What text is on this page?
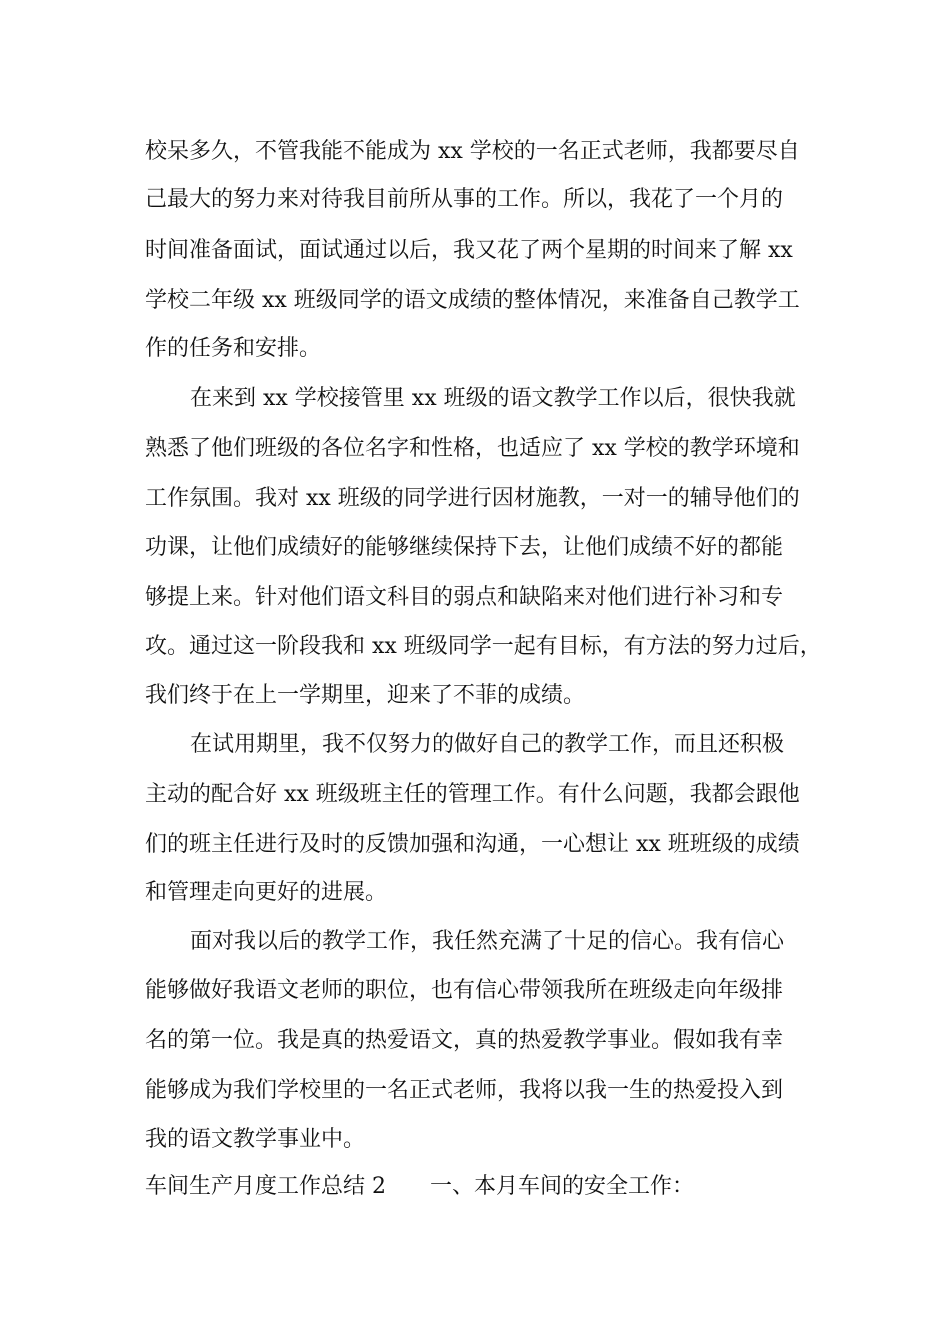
校呆多久，不管我能不能成为 xx 学校的一名正式老师，我都要尽自
己最大的努力来对待我目前所从事的工作。所以，我花了一个月的
时间准备面试，面试通过以后，我又花了两个星期的时间来了解 xx
学校二年级 xx 班级同学的语文成绩的整体情况，来准备自己教学工
作的任务和安排。
在来到 xx 学校接管里 xx 班级的语文教学工作以后，很快我就
熟悉了他们班级的各位名字和性格，也适应了 xx 学校的教学环境和
工作氛围。我对 xx 班级的同学进行因材施教，一对一的辅导他们的
功课，让他们成绩好的能够继续保持下去，让他们成绩不好的都能
够提上来。针对他们语文科目的弱点和缺陷来对他们进行补习和专
攻。通过这一阶段我和 xx 班级同学一起有目标，有方法的努力过后，
我们终于在上一学期里，迎来了不菲的成绩。
在试用期里，我不仅努力的做好自己的教学工作，而且还积极
主动的配合好 xx 班级班主任的管理工作。有什么问题，我都会跟他
们的班主任进行及时的反馈加强和沟通，一心想让 xx 班班级的成绩
和管理走向更好的进展。
面对我以后的教学工作，我任然充满了十足的信心。我有信心
能够做好我语文老师的职位，也有信心带领我所在班级走向年级排
名的第一位。我是真的热爱语文，真的热爱教学事业。假如我有幸
能够成为我们学校里的一名正式老师，我将以我一生的热爱投入到
我的语文教学事业中。
车间生产月度工作总结 2　　一、本月车间的安全工作：
